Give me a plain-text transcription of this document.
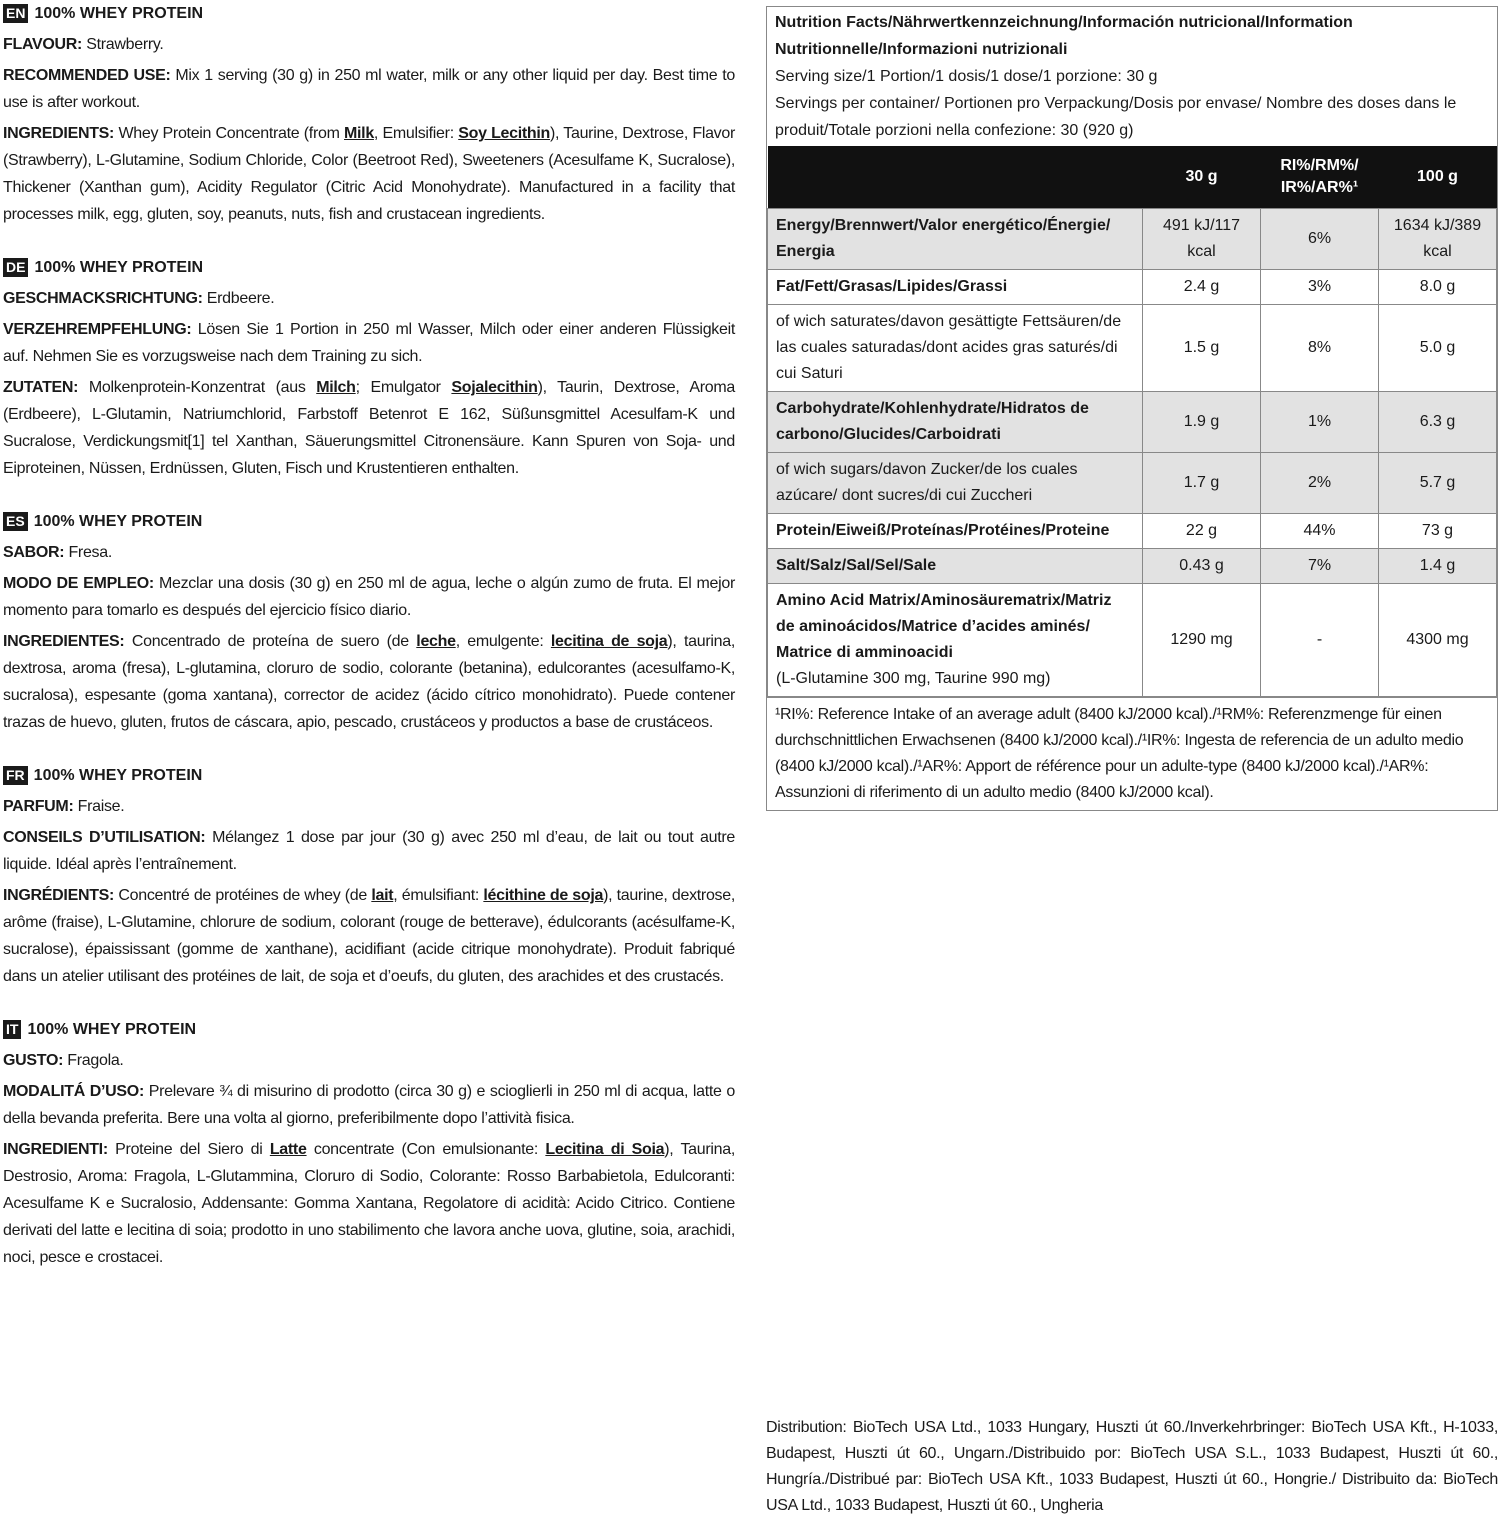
EN 100% WHEY PROTEIN

FLAVOUR: Strawberry.

RECOMMENDED USE: Mix 1 serving (30 g) in 250 ml water, milk or any other liquid per day. Best time to use is after workout.

INGREDIENTS: Whey Protein Concentrate (from Milk, Emulsifier: Soy Lecithin), Taurine, Dextrose, Flavor (Strawberry), L-Glutamine, Sodium Chloride, Color (Beetroot Red), Sweeteners (Acesulfame K, Sucralose), Thickener (Xanthan gum), Acidity Regulator (Citric Acid Monohydrate). Manufactured in a facility that processes milk, egg, gluten, soy, peanuts, nuts, fish and crustacean ingredients.

DE 100% WHEY PROTEIN

GESCHMACKSRICHTUNG: Erdbeere.

VERZEHREMPFEHLUNG: Lösen Sie 1 Portion in 250 ml Wasser, Milch oder einer anderen Flüssigkeit auf. Nehmen Sie es vorzugsweise nach dem Training zu sich.

ZUTATEN: Molkenprotein-Konzentrat (aus Milch; Emulgator Sojalecithin), Taurin, Dextrose, Aroma (Erdbeere), L-Glutamin, Natriumchlorid, Farbstoff Betenrot E 162, Süßunsgmittel Acesulfam-K und Sucralose, Verdickungsmit[1] tel Xanthan, Säuerungsmittel Citronensäure. Kann Spuren von Soja- und Eiproteinen, Nüssen, Erdnüssen, Gluten, Fisch und Krustentieren enthalten.

ES 100% WHEY PROTEIN

SABOR: Fresa.

MODO DE EMPLEO: Mezclar una dosis (30 g) en 250 ml de agua, leche o algún zumo de fruta. El mejor momento para tomarlo es después del ejercicio físico diario.

INGREDIENTES: Concentrado de proteína de suero (de leche, emulgente: lecitina de soja), taurina, dextrosa, aroma (fresa), L-glutamina, cloruro de sodio, colorante (betanina), edulcorantes (acesulfamo-K, sucralosa), espesante (goma xantana), corrector de acidez (ácido cítrico monohidrato). Puede contener trazas de huevo, gluten, frutos de cáscara, apio, pescado, crustáceos y productos a base de crustáceos.

FR 100% WHEY PROTEIN

PARFUM: Fraise.

CONSEILS D’UTILISATION: Mélangez 1 dose par jour (30 g) avec 250 ml d’eau, de lait ou tout autre liquide. Idéal après l’entraînement.

INGRÉDIENTS: Concentré de protéines de whey (de lait, émulsifiant: lécithine de soja), taurine, dextrose, arôme (fraise), L-Glutamine, chlorure de sodium, colorant (rouge de betterave), édulcorants (acésulfame-K, sucralose), épaississant (gomme de xanthane), acidifiant (acide citrique monohydrate). Produit fabriqué dans un atelier utilisant des protéines de lait, de soja et d’oeufs, du gluten, des arachides et des crustacés.

IT 100% WHEY PROTEIN

GUSTO: Fragola.

MODALITÁ D’USO: Prelevare ¾ di misurino di prodotto (circa 30 g) e scioglierli in 250 ml di acqua, latte o della bevanda preferita. Bere una volta al giorno, preferibilmente dopo l’attività fisica.

INGREDIENTI: Proteine del Siero di Latte concentrate (Con emulsionante: Lecitina di Soia), Taurina, Destrosio, Aroma: Fragola, L-Glutammina, Cloruro di Sodio, Colorante: Rosso Barbabietola, Edulcoranti: Acesulfame K e Sucralosio, Addensante: Gomma Xantana, Regolatore di acidità: Acido Citrico. Contiene derivati del latte e lecitina di soia; prodotto in uno stabilimento che lavora anche uova, glutine, soia, arachidi, noci, pesce e crostacei.

Nutrition Facts/Nährwertkennzeichnung/Información nutricional/Information Nutritionnelle/Informazioni nutrizionali
Serving size/1 Portion/1 dosis/1 dose/1 porzione: 30 g
Servings per container/ Portionen pro Verpackung/Dosis por envase/ Nombre des doses dans le produit/Totale porzioni nella confezione: 30 (920 g)
	30 g	RI%/RM%/ IR%/AR%¹	100 g
Energy/Brennwert/Valor energético/Énergie/ Energia	491 kJ/117 kcal	6%	1634 kJ/389 kcal
Fat/Fett/Grasas/Lipides/Grassi	2.4 g	3%	8.0 g
of wich saturates/davon gesättigte Fettsäuren/de las cuales saturadas/dont acides gras saturés/di cui Saturi	1.5 g	8%	5.0 g
Carbohydrate/Kohlenhydrate/Hidratos de carbono/Glucides/Carboidrati	1.9 g	1%	6.3 g
of wich sugars/davon Zucker/de los cuales azúcare/ dont sucres/di cui Zuccheri	1.7 g	2%	5.7 g
Protein/Eiweiß/Proteínas/Protéines/Proteine	22 g	44%	73 g
Salt/Salz/Sal/Sel/Sale	0.43 g	7%	1.4 g

Amino Acid Matrix/Aminosäurematrix/Matriz de aminoácidos/Matrice d’acides aminés/ Matrice di amminoacidi
(L-Glutamine 300 mg, Taurine 990 mg)	1290 mg	-	4300 mg
¹RI%: Reference Intake of an average adult (8400 kJ/2000 kcal)./¹RM%: Referenzmenge für einen durchschnittlichen Erwachsenen (8400 kJ/2000 kcal)./¹IR%: Ingesta de referencia de un adulto medio (8400 kJ/2000 kcal)./¹AR%: Apport de référence pour un adulte-type (8400 kJ/2000 kcal)./¹AR%: Assunzioni di riferimento di un adulto medio (8400 kJ/2000 kcal).
Distribution: BioTech USA Ltd., 1033 Hungary, Huszti út 60./Inverkehrbringer: BioTech USA Kft., H-1033, Budapest, Huszti út 60., Ungarn./Distribuido por: BioTech USA S.L., 1033 Budapest, Huszti út 60., Hungría./Distribué par: BioTech USA Kft., 1033 Budapest, Huszti út 60., Hongrie./ Distribuito da: BioTech USA Ltd., 1033 Budapest, Huszti út 60., Ungheria
